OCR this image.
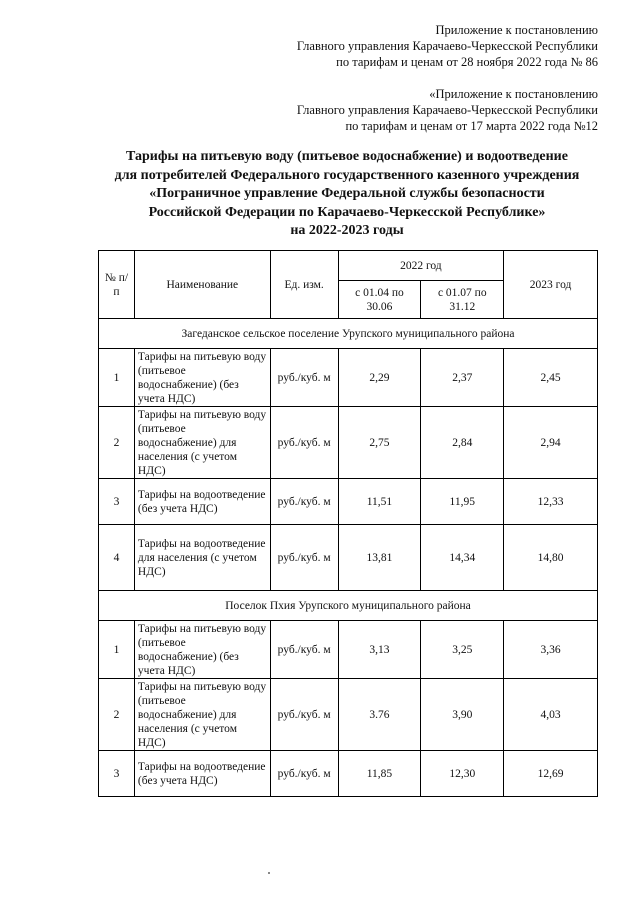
Приложение к постановлению
Главного управления Карачаево-Черкесской Республики
по тарифам и ценам от 28 ноября 2022 года № 86
«Приложение к постановлению
Главного управления Карачаево-Черкесской Республики
по тарифам и ценам от 17 марта 2022 года №12
Тарифы на питьевую воду (питьевое водоснабжение) и водоотведение
для потребителей Федерального государственного казенного учреждения
«Пограничное управление Федеральной службы безопасности
Российской Федерации по Карачаево-Черкесской Республике»
на 2022-2023 годы
№ п/п	Наименование	Ед. изм.	2022 год		2023 год
			с 01.04 по 30.06	с 01.07 по 31.12	
Загеданское сельское поселение Урупского муниципального района					
1	Тарифы на питьевую воду (питьевое водоснабжение) (без учета НДС)	руб./куб. м	2,29	2,37	2,45
2	Тарифы на питьевую воду (питьевое водоснабжение) для населения (с учетом НДС)	руб./куб. м	2,75	2,84	2,94
3	Тарифы на водоотведение (без учета НДС)	руб./куб. м	11,51	11,95	12,33
4	Тарифы на водоотведение для населения (с учетом НДС)	руб./куб. м	13,81	14,34	14,80
Поселок Пхия Урупского муниципального района					
1	Тарифы на питьевую воду (питьевое водоснабжение) (без учета НДС)	руб./куб. м	3,13	3,25	3,36
2	Тарифы на питьевую воду (питьевое водоснабжение) для населения (с учетом НДС)	руб./куб. м	3.76	3,90	4,03
3	Тарифы на водоотведение (без учета НДС)	руб./куб. м	11,85	12,30	12,69
